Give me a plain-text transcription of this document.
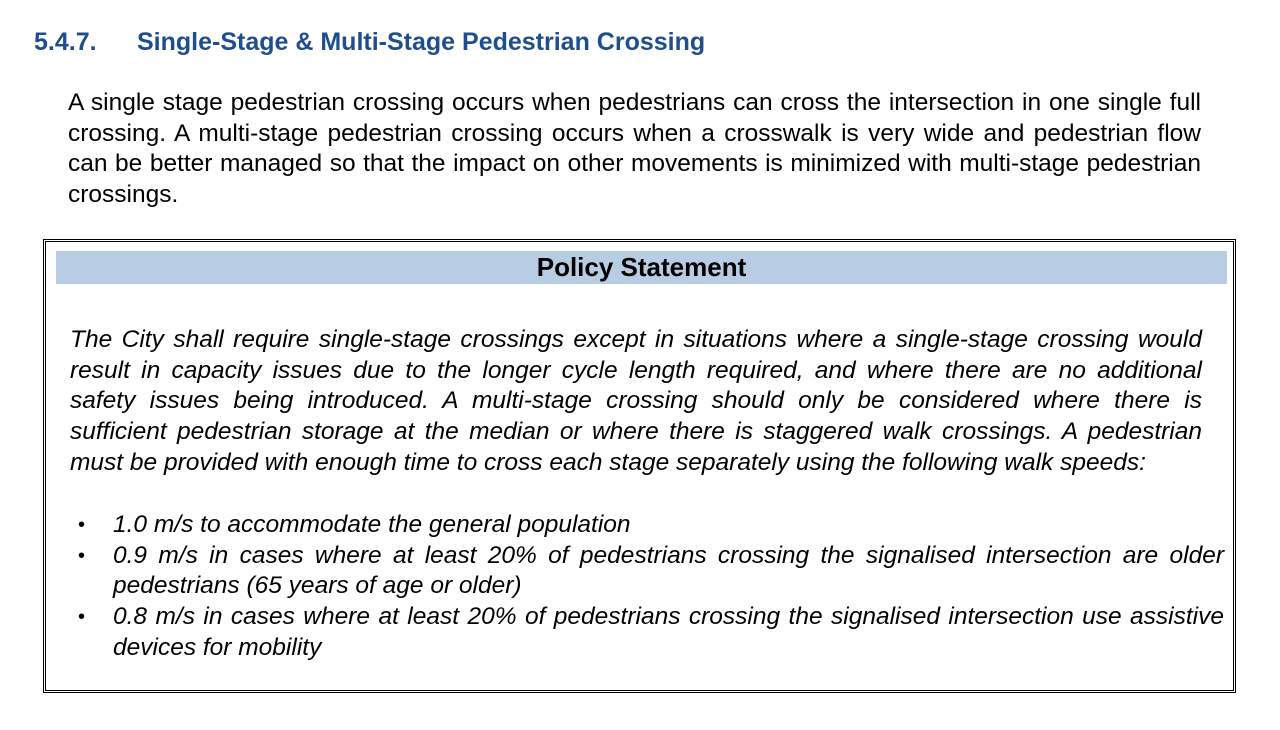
5.4.7. Single-Stage & Multi-Stage Pedestrian Crossing
A single stage pedestrian crossing occurs when pedestrians can cross the intersection in one single full crossing. A multi-stage pedestrian crossing occurs when a crosswalk is very wide and pedestrian flow can be better managed so that the impact on other movements is minimized with multi-stage pedestrian crossings.
Policy Statement
The City shall require single-stage crossings except in situations where a single-stage crossing would result in capacity issues due to the longer cycle length required, and where there are no additional safety issues being introduced. A multi-stage crossing should only be considered where there is sufficient pedestrian storage at the median or where there is staggered walk crossings. A pedestrian must be provided with enough time to cross each stage separately using the following walk speeds:
• 1.0 m/s to accommodate the general population
• 0.9 m/s in cases where at least 20% of pedestrians crossing the signalised intersection are older pedestrians (65 years of age or older)
• 0.8 m/s in cases where at least 20% of pedestrians crossing the signalised intersection use assistive devices for mobility
